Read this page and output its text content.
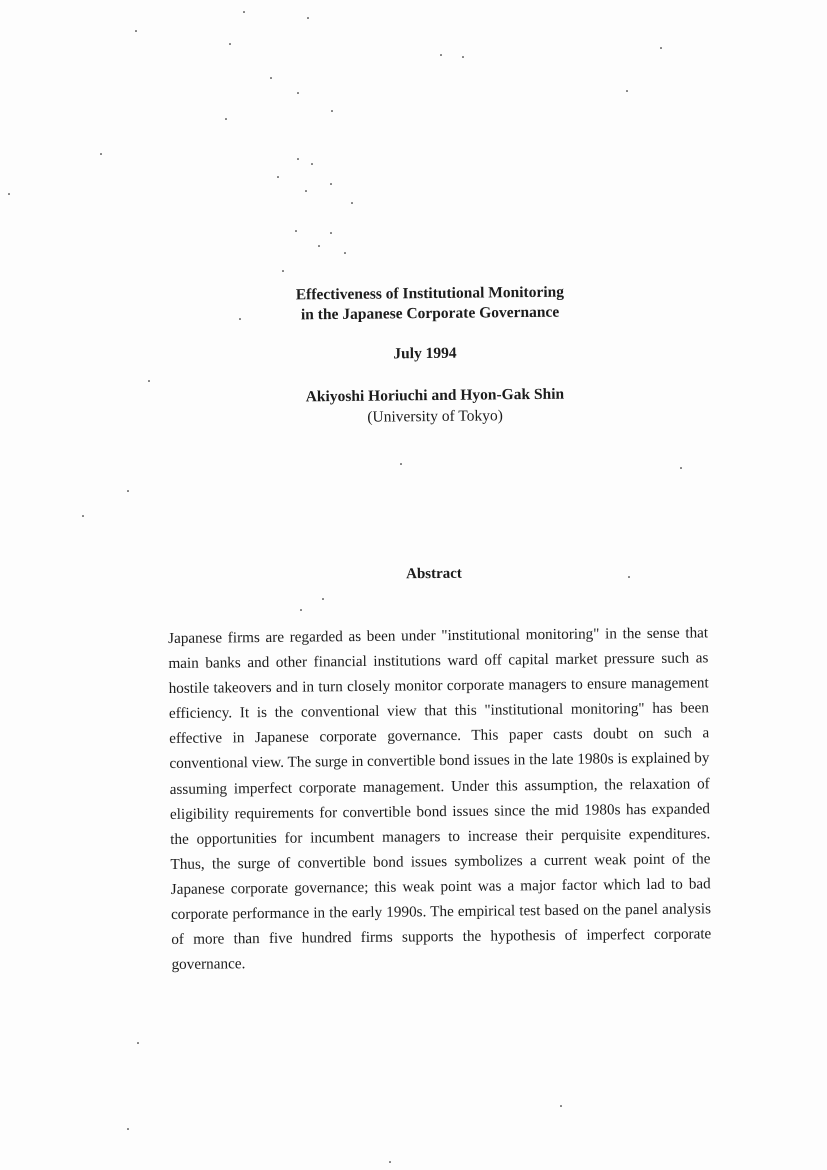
Effectiveness of Institutional Monitoring
in the Japanese Corporate Governance
July 1994
Akiyoshi Horiuchi and Hyon-Gak Shin
(University of Tokyo)
Abstract
Japanese firms are regarded as been under "institutional monitoring" in the sense that main banks and other financial institutions ward off capital market pressure such as hostile takeovers and in turn closely monitor corporate managers to ensure management efficiency. It is the conventional view that this "institutional monitoring" has been effective in Japanese corporate governance. This paper casts doubt on such a conventional view. The surge in convertible bond issues in the late 1980s is explained by assuming imperfect corporate management. Under this assumption, the relaxation of eligibility requirements for convertible bond issues since the mid 1980s has expanded the opportunities for incumbent managers to increase their perquisite expenditures. Thus, the surge of convertible bond issues symbolizes a current weak point of the Japanese corporate governance; this weak point was a major factor which lad to bad corporate performance in the early 1990s. The empirical test based on the panel analysis of more than five hundred firms supports the hypothesis of imperfect corporate governance.
